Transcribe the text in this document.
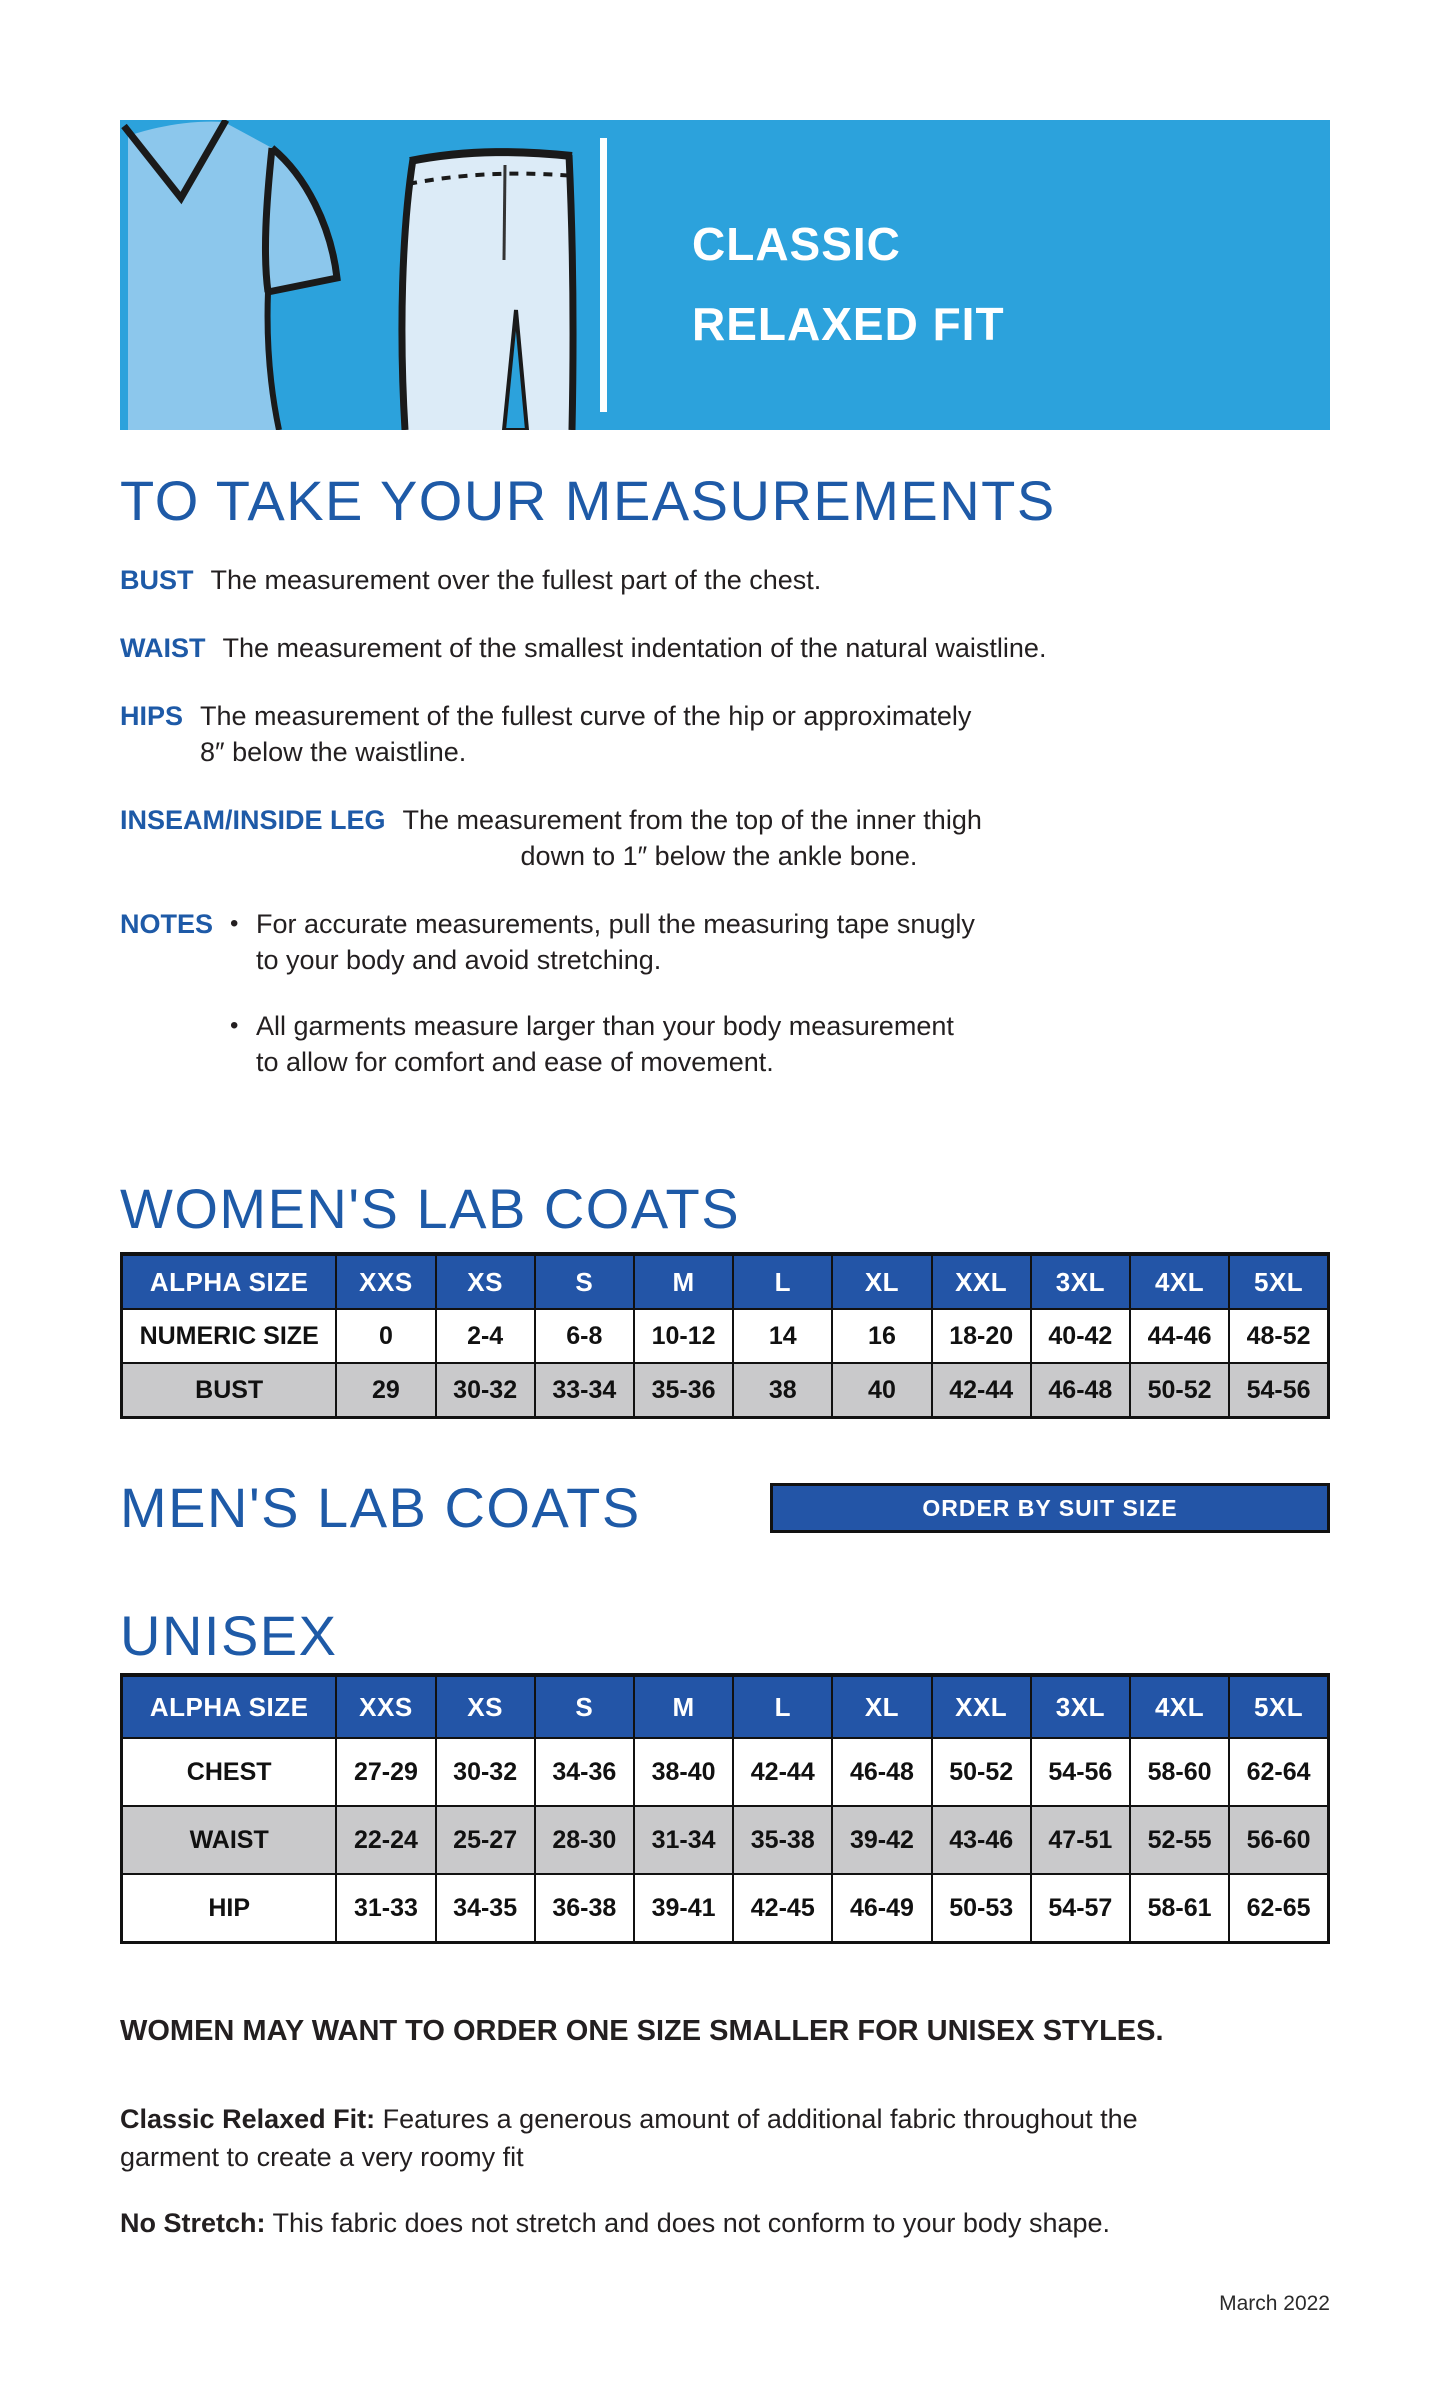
CLASSIC
RELAXED FIT
TO TAKE YOUR MEASUREMENTS
BUST The measurement over the fullest part of the chest.
WAIST The measurement of the smallest indentation of the natural waistline.
HIPS The measurement of the fullest curve of the hip or approximately
8″ below the waistline.
INSEAM/INSIDE LEG The measurement from the top of the inner thigh
down to 1″ below the ankle bone.
NOTES • For accurate measurements, pull the measuring tape snugly
to your body and avoid stretching.
• All garments measure larger than your body measurement
to allow for comfort and ease of movement.
WOMEN'S LAB COATS
ALPHA SIZE	XXS	XS	S	M	L	XL	XXL	3XL	4XL	5XL
NUMERIC SIZE	0	2-4	6-8	10-12	14	16	18-20	40-42	44-46	48-52
BUST	29	30-32	33-34	35-36	38	40	42-44	46-48	50-52	54-56
MEN'S LAB COATS	ORDER BY SUIT SIZE
UNISEX
ALPHA SIZE	XXS	XS	S	M	L	XL	XXL	3XL	4XL	5XL
CHEST	27-29	30-32	34-36	38-40	42-44	46-48	50-52	54-56	58-60	62-64
WAIST	22-24	25-27	28-30	31-34	35-38	39-42	43-46	47-51	52-55	56-60
HIP	31-33	34-35	36-38	39-41	42-45	46-49	50-53	54-57	58-61	62-65
WOMEN MAY WANT TO ORDER ONE SIZE SMALLER FOR UNISEX STYLES.
Classic Relaxed Fit: Features a generous amount of additional fabric throughout the garment to create a very roomy fit
No Stretch: This fabric does not stretch and does not conform to your body shape.
March 2022
